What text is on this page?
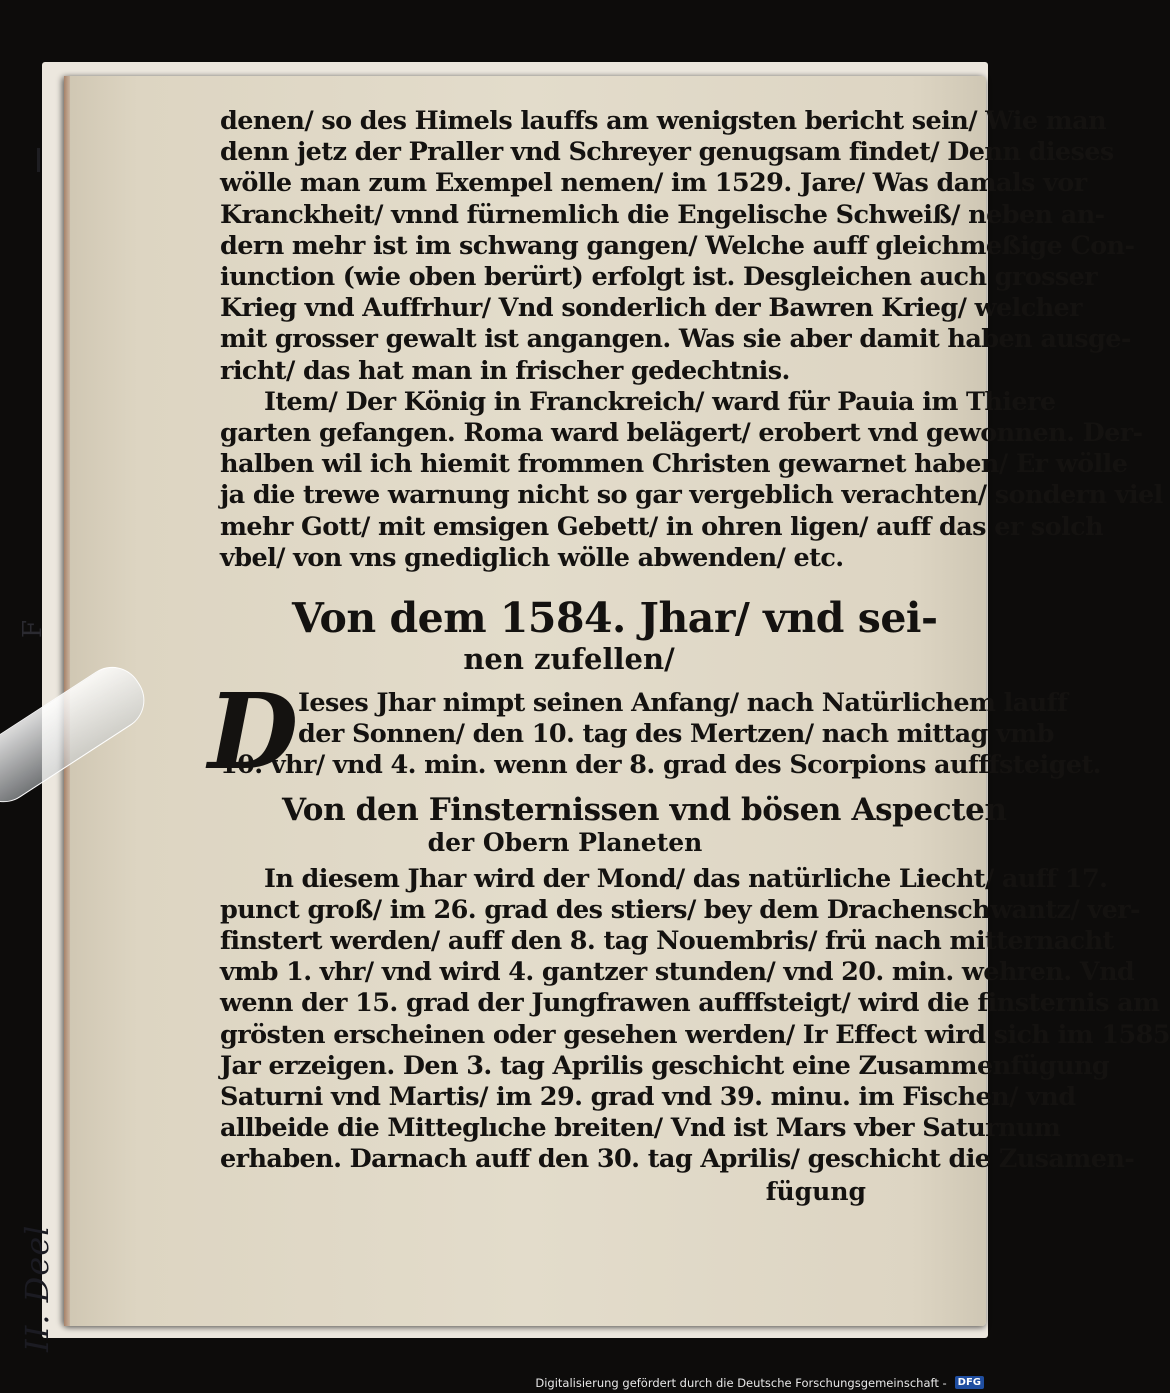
F
II. Deel
denen/ so des Himels lauffs am wenigsten bericht sein/ Wie man
denn jetz der Praller vnd Schreyer genugsam findet/ Denn dieses
wölle man zum Exempel nemen/ im 1529. Jare/ Was damals vor
Kranckheit/ vnnd fürnemlich die Engelische Schweiß/ neben an-
dern mehr ist im schwang gangen/ Welche auff gleichmeßige Con-
iunction (wie oben berürt) erfolgt ist. Desgleichen auch grosser
Krieg vnd Auffrhur/ Vnd sonderlich der Bawren Krieg/ welcher
mit grosser gewalt ist angangen. Was sie aber damit haben ausge-
richt/ das hat man in frischer gedechtnis.
Item/ Der König in Franckreich/ ward für Pauia im Thiere
garten gefangen. Roma ward belägert/ erobert vnd gewonnen. Der-
halben wil ich hiemit frommen Christen gewarnet haben/ Er wölle
ja die trewe warnung nicht so gar vergeblich verachten/ sondern viel
mehr Gott/ mit emsigen Gebett/ in ohren ligen/ auff das er solch
vbel/ von vns gnediglich wölle abwenden/ etc.
Von dem 1584. Jhar/ vnd sei-
nen zufellen/
D Ieses Jhar nimpt seinen Anfang/ nach Natürlichem lauff
der Sonnen/ den 10. tag des Mertzen/ nach mittag vmb
10. vhr/ vnd 4. min. wenn der 8. grad des Scorpions aufffsteiget.
Von den Finsternissen vnd bösen Aspecten
der Obern Planeten
In diesem Jhar wird der Mond/ das natürliche Liecht/ auff 17.
punct groß/ im 26. grad des stiers/ bey dem Drachenschwantz/ ver-
finstert werden/ auff den 8. tag Nouembris/ frü nach mitternacht
vmb 1. vhr/ vnd wird 4. gantzer stunden/ vnd 20. min. wehren. Vnd
wenn der 15. grad der Jungfrawen aufffsteigt/ wird die finsternis am
grösten erscheinen oder gesehen werden/ Ir Effect wird sich im 1585
Jar erzeigen. Den 3. tag Aprilis geschicht eine Zusammenfügung
Saturni vnd Martis/ im 29. grad vnd 39. minu. im Fischen/ vnd
allbeide die Mitteglıche breiten/ Vnd ist Mars vber Saturnum
erhaben. Darnach auff den 30. tag Aprilis/ geschicht die Zusamen-
fügung
Digitalisierung gefördert durch die Deutsche Forschungsgemeinschaft -	DFG
